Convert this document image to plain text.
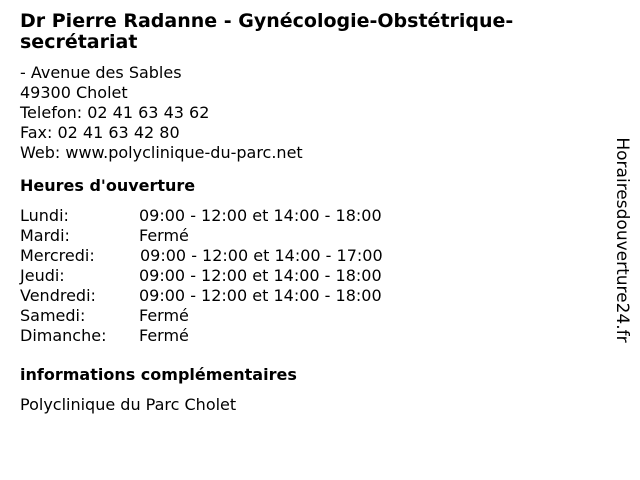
Dr Pierre Radanne - Gynécologie-Obstétrique- secrétariat
- Avenue des Sables
49300 Cholet
Telefon: 02 41 63 43 62
Fax: 02 41 63 42 80
Web: www.polyclinique-du-parc.net
Heures d'ouverture
Lundi:	09:00 - 12:00 et 14:00 - 18:00
Mardi:	Fermé
Mercredi:	09:00 - 12:00 et 14:00 - 17:00
Jeudi:	09:00 - 12:00 et 14:00 - 18:00
Vendredi:	09:00 - 12:00 et 14:00 - 18:00
Samedi:	Fermé
Dimanche:	Fermé
informations complémentaires
Polyclinique du Parc Cholet
Horairesdouverture24.fr
